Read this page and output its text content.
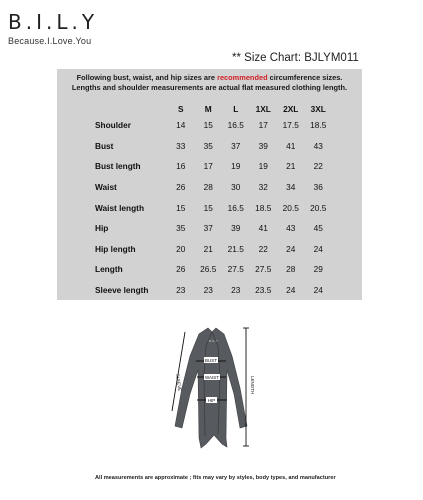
B.I.L.Y
Because.I.Love.You
** Size Chart: BJLYM011
Following bust, waist, and hip sizes are recommended circumference sizes.
Lengths and shoulder measurements are actual flat measured clothing length.
	S	M	L	1XL	2XL	3XL
Shoulder	14	15	16.5	17	17.5	18.5
Bust	33	35	37	39	41	43
Bust length	16	17	19	19	21	22
Waist	26	28	30	32	34	36
Waist length	15	15	16.5	18.5	20.5	20.5
Hip	35	37	39	41	43	45
Hip length	20	21	21.5	22	24	24
Length	26	26.5	27.5	27.5	28	29
Sleeve length	23	23	23	23.5	24	24
B.I.L.Y
BUST
WAIST
HIP
SLEEVE	LENGTH
All measurements are approximate ; fits may vary by styles, body types, and manufacturer
